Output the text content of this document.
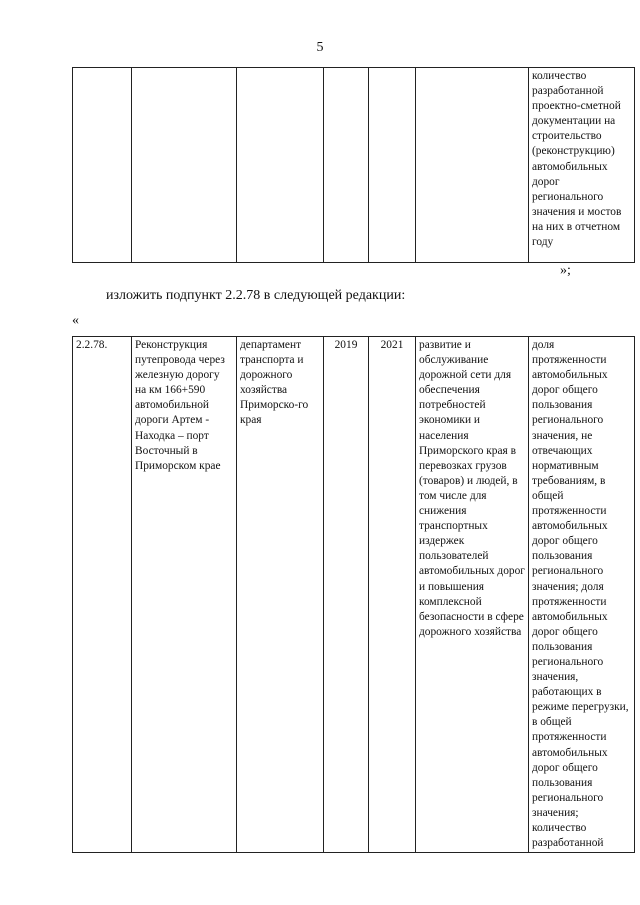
5
						количество разработанной проектно-сметной документации на строительство (реконструкцию) автомобильных дорог регионального значения и мостов на них в отчетном году
»;
изложить подпункт 2.2.78 в следующей редакции:
«
2.2.78.	Реконструкция путепровода через железную дорогу на км 166+590 автомобильной дороги Артем - Находка – порт Восточный в Приморском крае	департамент транспорта и дорожного хозяйства Приморско-го края	2019	2021	развитие и обслуживание дорожной сети для обеспечения потребностей экономики и населения Приморского края в перевозках грузов (товаров) и людей, в том числе для снижения транспортных издержек пользователей автомобильных дорог и повышения комплексной безопасности в сфере дорожного хозяйства	доля протяженности автомобильных дорог общего пользования регионального значения, не отвечающих нормативным требованиям, в общей протяженности автомобильных дорог общего пользования регионального значения; доля протяженности автомобильных дорог общего пользования регионального значения, работающих в режиме перегрузки, в общей протяженности автомобильных дорог общего пользования регионального значения; количество разработанной
